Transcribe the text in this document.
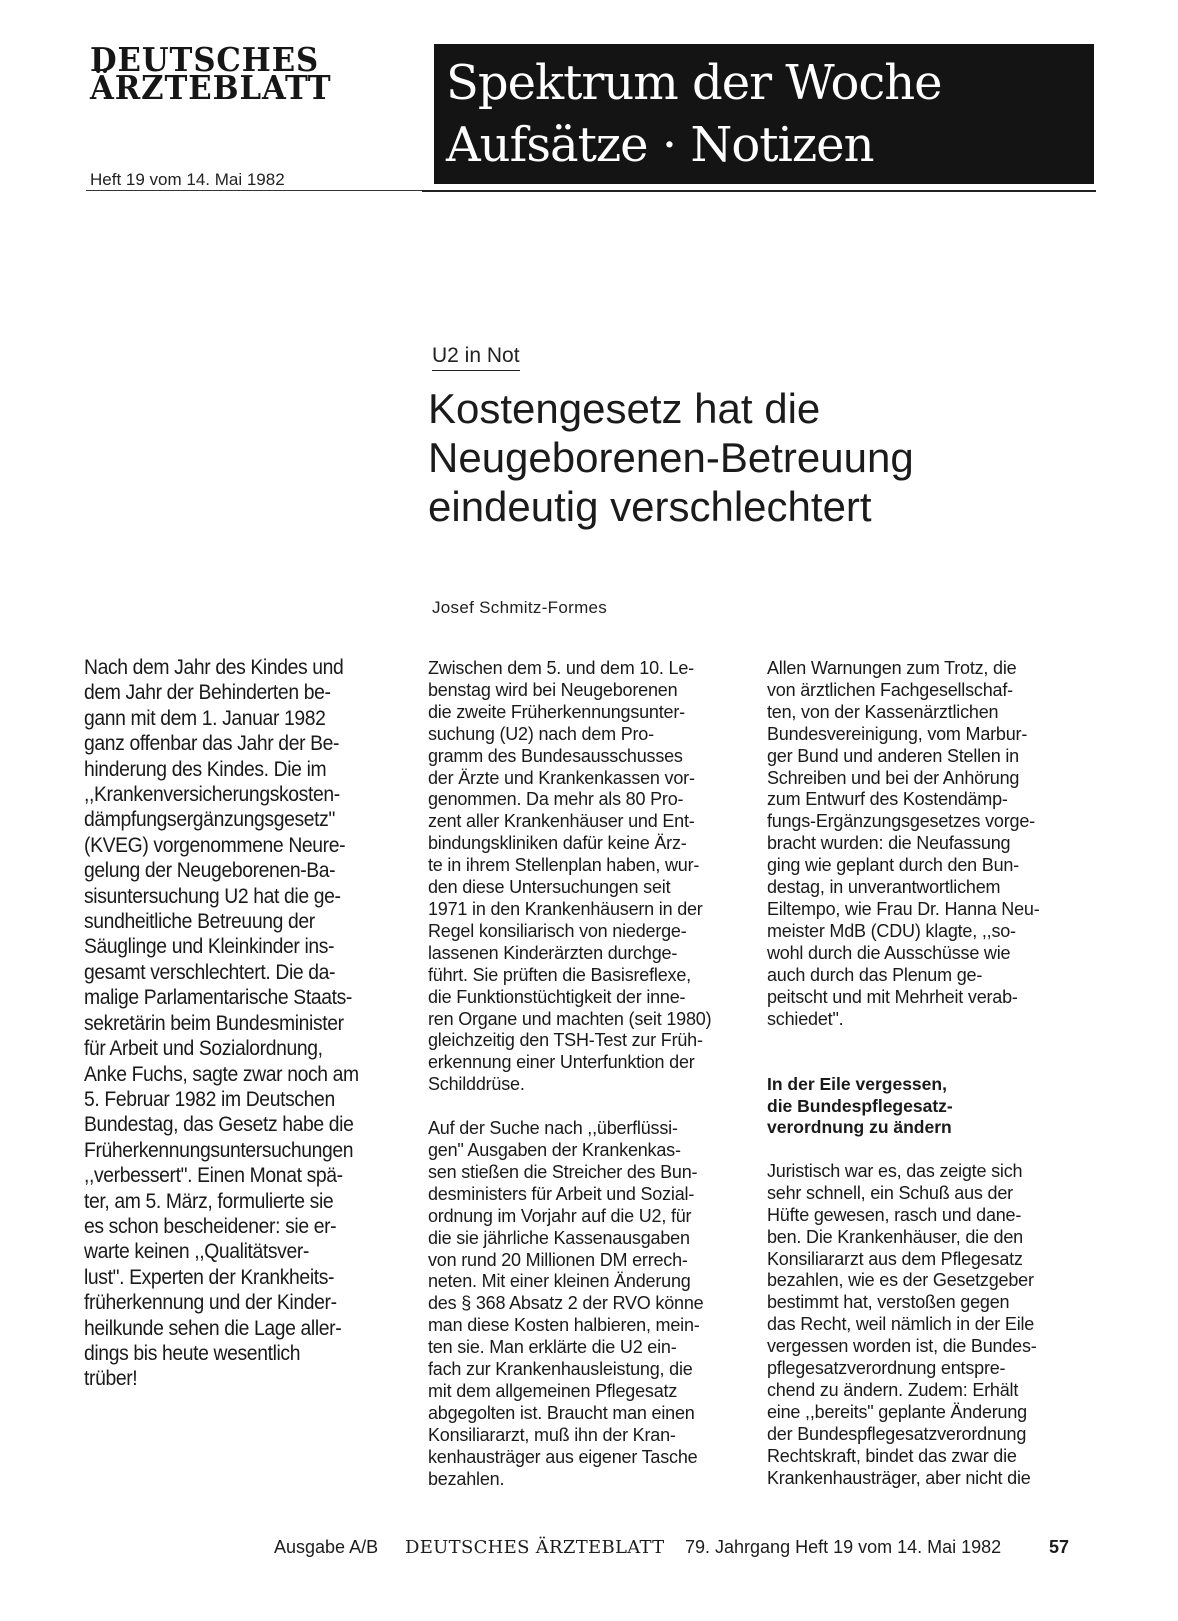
DEUTSCHES
ÄRZTEBLATT
Heft 19 vom 14. Mai 1982
Spektrum der Woche
Aufsätze · Notizen
U2 in Not
Kostengesetz hat die
Neugeborenen-Betreuung
eindeutig verschlechtert
Josef Schmitz-Formes
Nach dem Jahr des Kindes und
dem Jahr der Behinderten be-
gann mit dem 1. Januar 1982
ganz offenbar das Jahr der Be-
hinderung des Kindes. Die im
,,Krankenversicherungskosten-
dämpfungsergänzungsgesetz"
(KVEG) vorgenommene Neure-
gelung der Neugeborenen-Ba-
sisuntersuchung U2 hat die ge-
sundheitliche Betreuung der
Säuglinge und Kleinkinder ins-
gesamt verschlechtert. Die da-
malige Parlamentarische Staats-
sekretärin beim Bundesminister
für Arbeit und Sozialordnung,
Anke Fuchs, sagte zwar noch am
5. Februar 1982 im Deutschen
Bundestag, das Gesetz habe die
Früherkennungsuntersuchungen
,,verbessert". Einen Monat spä-
ter, am 5. März, formulierte sie
es schon bescheidener: sie er-
warte keinen ,,Qualitätsver-
lust". Experten der Krankheits-
früherkennung und der Kinder-
heilkunde sehen die Lage aller-
dings bis heute wesentlich
trüber!
Zwischen dem 5. und dem 10. Le-
benstag wird bei Neugeborenen
die zweite Früherkennungsunter-
suchung (U2) nach dem Pro-
gramm des Bundesausschusses
der Ärzte und Krankenkassen vor-
genommen. Da mehr als 80 Pro-
zent aller Krankenhäuser und Ent-
bindungskliniken dafür keine Ärz-
te in ihrem Stellenplan haben, wur-
den diese Untersuchungen seit
1971 in den Krankenhäusern in der
Regel konsiliarisch von niederge-
lassenen Kinderärzten durchge-
führt. Sie prüften die Basisreflexe,
die Funktionstüchtigkeit der inne-
ren Organe und machten (seit 1980)
gleichzeitig den TSH-Test zur Früh-
erkennung einer Unterfunktion der
Schilddrüse.
Auf der Suche nach ,,überflüssi-
gen" Ausgaben der Krankenkas-
sen stießen die Streicher des Bun-
desministers für Arbeit und Sozial-
ordnung im Vorjahr auf die U2, für
die sie jährliche Kassenausgaben
von rund 20 Millionen DM errech-
neten. Mit einer kleinen Änderung
des § 368 Absatz 2 der RVO könne
man diese Kosten halbieren, mein-
ten sie. Man erklärte die U2 ein-
fach zur Krankenhausleistung, die
mit dem allgemeinen Pflegesatz
abgegolten ist. Braucht man einen
Konsiliararzt, muß ihn der Kran-
kenhausträger aus eigener Tasche
bezahlen.
Allen Warnungen zum Trotz, die
von ärztlichen Fachgesellschaf-
ten, von der Kassenärztlichen
Bundesvereinigung, vom Marbur-
ger Bund und anderen Stellen in
Schreiben und bei der Anhörung
zum Entwurf des Kostendämp-
fungs-Ergänzungsgesetzes vorge-
bracht wurden: die Neufassung
ging wie geplant durch den Bun-
destag, in unverantwortlichem
Eiltempo, wie Frau Dr. Hanna Neu-
meister MdB (CDU) klagte, ,,so-
wohl durch die Ausschüsse wie
auch durch das Plenum ge-
peitscht und mit Mehrheit verab-
schiedet".
In der Eile vergessen,
die Bundespflegesatz-
verordnung zu ändern
Juristisch war es, das zeigte sich
sehr schnell, ein Schuß aus der
Hüfte gewesen, rasch und dane-
ben. Die Krankenhäuser, die den
Konsiliararzt aus dem Pflegesatz
bezahlen, wie es der Gesetzgeber
bestimmt hat, verstoßen gegen
das Recht, weil nämlich in der Eile
vergessen worden ist, die Bundes-
pflegesatzverordnung entspre-
chend zu ändern. Zudem: Erhält
eine ,,bereits" geplante Änderung
der Bundespflegesatzverordnung
Rechtskraft, bindet das zwar die
Krankenhausträger, aber nicht die
Ausgabe A/B DEUTSCHES ÄRZTEBLATT 79. Jahrgang Heft 19 vom 14. Mai 1982	57
